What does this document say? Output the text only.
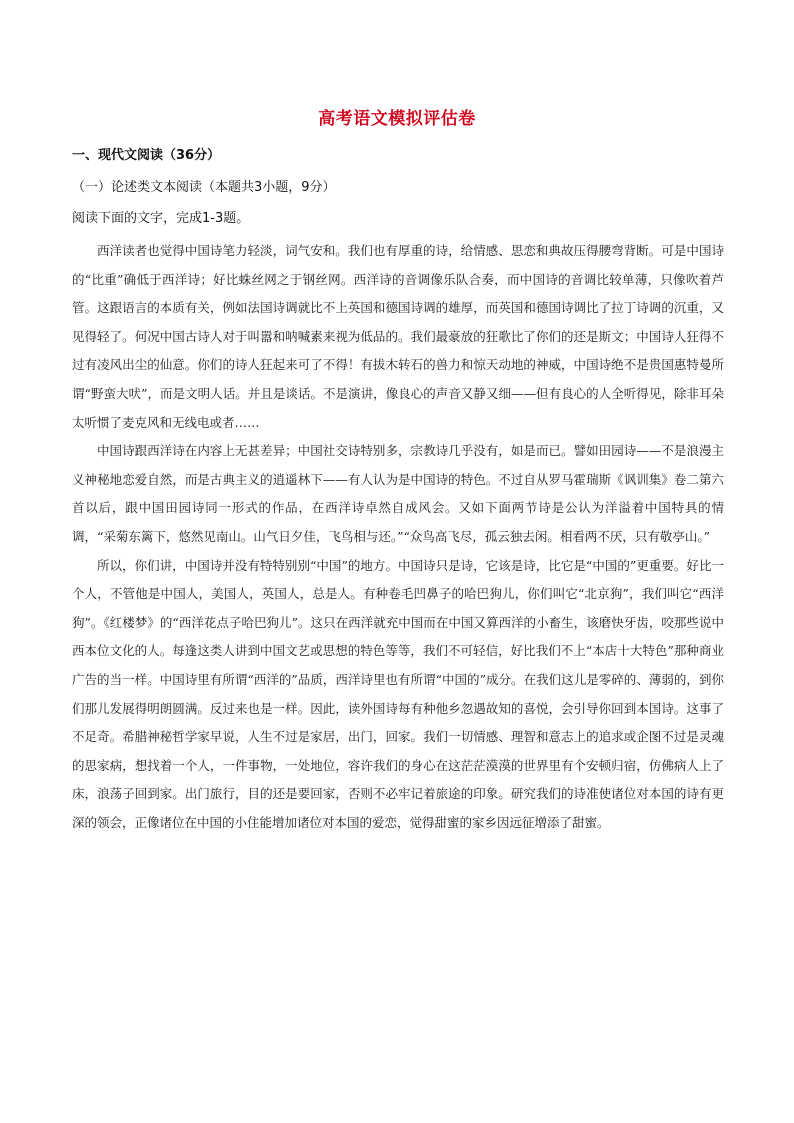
高考语文模拟评估卷
一、现代文阅读（36分）
（一）论述类文本阅读（本题共3小题，9分）
阅读下面的文字，完成1-3题。

西洋读者也觉得中国诗笔力轻淡，词气安和。我们也有厚重的诗，给情感、思恋和典故压得腰弯背断。可是中国诗的“比重”确低于西洋诗；好比蛛丝网之于钢丝网。西洋诗的音调像乐队合奏，而中国诗的音调比较单薄，只像吹着芦管。这跟语言的本质有关，例如法国诗调就比不上英国和德国诗调的雄厚，而英国和德国诗调比了拉丁诗调的沉重，又见得轻了。何况中国古诗人对于叫嚣和呐喊素来视为低品的。我们最豪放的狂歌比了你们的还是斯文；中国诗人狂得不过有凌风出尘的仙意。你们的诗人狂起来可了不得！有拔木转石的兽力和惊天动地的神威，中国诗绝不是贵国惠特曼所谓“野蛮大吠”，而是文明人话。并且是谈话。不是演讲，像良心的声音又静又细——但有良心的人全听得见，除非耳朵太听惯了麦克风和无线电或者……

中国诗跟西洋诗在内容上无甚差异；中国社交诗特别多，宗教诗几乎没有，如是而已。譬如田园诗——不是浪漫主义神秘地恋爱自然，而是古典主义的逍遥林下——有人认为是中国诗的特色。不过自从罗马霍瑞斯《讽训集》卷二第六首以后，跟中国田园诗同一形式的作品，在西洋诗卓然自成风会。又如下面两节诗是公认为洋溢着中国特具的情调，“采菊东篱下，悠然见南山。山气日夕佳，飞鸟相与还。”“众鸟高飞尽，孤云独去闲。相看两不厌，只有敬亭山。”

所以，你们讲，中国诗并没有特特别别“中国”的地方。中国诗只是诗，它该是诗，比它是“中国的”更重要。好比一个人，不管他是中国人，美国人，英国人，总是人。有种卷毛凹鼻子的哈巴狗儿，你们叫它“北京狗”，我们叫它“西洋狗”。《红楼梦》的“西洋花点子哈巴狗儿”。这只在西洋就充中国而在中国又算西洋的小畜生，该磨快牙齿，咬那些说中西本位文化的人。每逢这类人讲到中国文艺或思想的特色等等，我们不可轻信，好比我们不上“本店十大特色”那种商业广告的当一样。中国诗里有所谓“西洋的”品质，西洋诗里也有所谓“中国的”成分。在我们这儿是零碎的、薄弱的，到你们那儿发展得明朗圆满。反过来也是一样。因此，读外国诗每有种他乡忽遇故知的喜悦，会引导你回到本国诗。这事了不足奇。希腊神秘哲学家早说，人生不过是家居，出门，回家。我们一切情感、理智和意志上的追求或企图不过是灵魂的思家病，想找着一个人，一件事物，一处地位，容许我们的身心在这茫茫漠漠的世界里有个安顿归宿，仿佛病人上了床，浪荡子回到家。出门旅行，目的还是要回家，否则不必牢记着旅途的印象。研究我们的诗准使诸位对本国的诗有更深的领会，正像诸位在中国的小住能增加诸位对本国的爱恋，觉得甜蜜的家乡因远征增添了甜蜜。
